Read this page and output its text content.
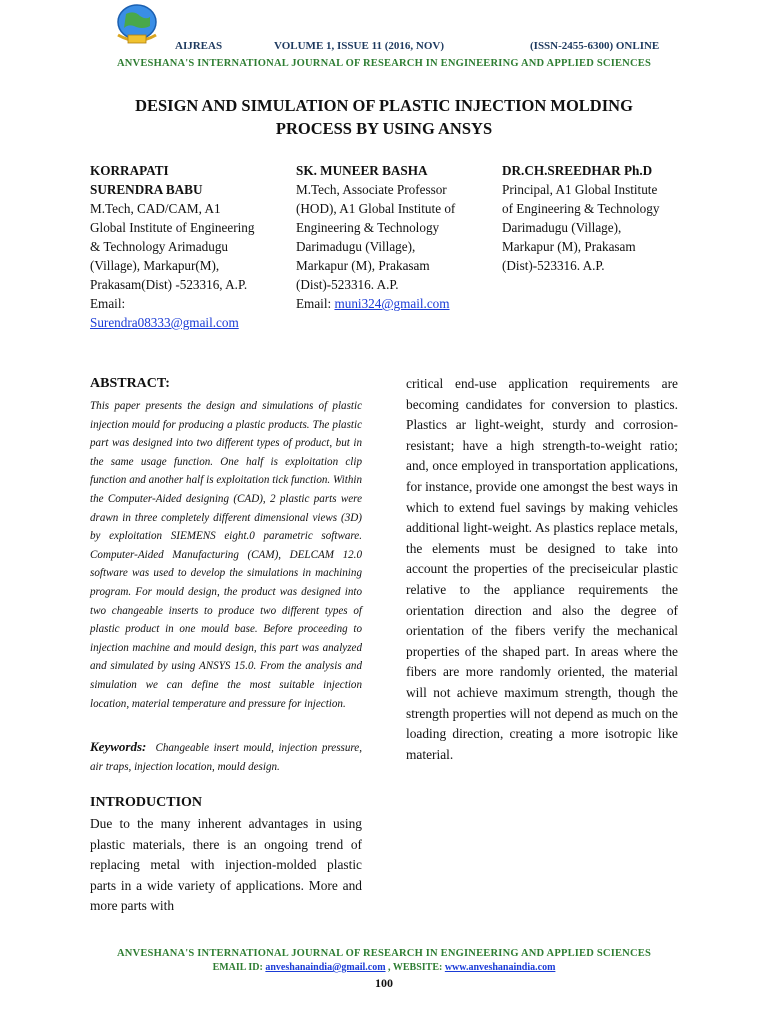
AIJREAS	VOLUME 1, ISSUE 11 (2016, NOV)	(ISSN-2455-6300) ONLINE
ANVESHANA'S INTERNATIONAL JOURNAL OF RESEARCH IN ENGINEERING AND APPLIED SCIENCES
DESIGN AND SIMULATION OF PLASTIC INJECTION MOLDING
PROCESS BY USING ANSYS
KORRAPATI
SURENDRA BABU
M.Tech, CAD/CAM, A1
Global Institute of Engineering
& Technology Arimadugu
(Village), Markapur(M),
Prakasam(Dist) -523316, A.P.
Email:
Surendra08333@gmail.com
SK. MUNEER BASHA
M.Tech, Associate Professor
(HOD), A1 Global Institute of
Engineering & Technology
Darimadugu (Village),
Markapur (M), Prakasam
(Dist)-523316. A.P.
Email: muni324@gmail.com
DR.CH.SREEDHAR Ph.D
Principal, A1 Global Institute
of Engineering & Technology
Darimadugu (Village),
Markapur (M), Prakasam
(Dist)-523316. A.P.
ABSTRACT:
This paper presents the design and simulations of plastic injection mould for producing a plastic products. The plastic part was designed into two different types of product, but in the same usage function. One half is exploitation clip function and another half is exploitation tick function. Within the Computer-Aided designing (CAD), 2 plastic parts were drawn in three completely different dimensional views (3D) by exploitation SIEMENS eight.0 parametric software. Computer-Aided Manufacturing (CAM), DELCAM 12.0 software was used to develop the simulations in machining program. For mould design, the product was designed into two changeable inserts to produce two different types of plastic product in one mould base. Before proceeding to injection machine and mould design, this part was analyzed and simulated by using ANSYS 15.0. From the analysis and simulation we can define the most suitable injection location, material temperature and pressure for injection.
Keywords: Changeable insert mould, injection pressure, air traps, injection location, mould design.
INTRODUCTION
Due to the many inherent advantages in using plastic materials, there is an ongoing trend of replacing metal with injection-molded plastic parts in a wide variety of applications. More and more parts with
critical end-use application requirements are becoming candidates for conversion to plastics. Plastics ar light-weight, sturdy and corrosion-resistant; have a high strength-to-weight ratio; and, once employed in transportation applications, for instance, provide one amongst the best ways in which to extend fuel savings by making vehicles additional light-weight. As plastics replace metals, the elements must be designed to take into account the properties of the preciseicular plastic relative to the appliance requirements the orientation direction and also the degree of orientation of the fibers verify the mechanical properties of the shaped part. In areas where the fibers are more randomly oriented, the material will not achieve maximum strength, though the strength properties will not depend as much on the loading direction, creating a more isotropic like material.
ANVESHANA'S INTERNATIONAL JOURNAL OF RESEARCH IN ENGINEERING AND APPLIED SCIENCES
EMAIL ID: anveshanaindia@gmail.com , WEBSITE: www.anveshanaindia.com
100
